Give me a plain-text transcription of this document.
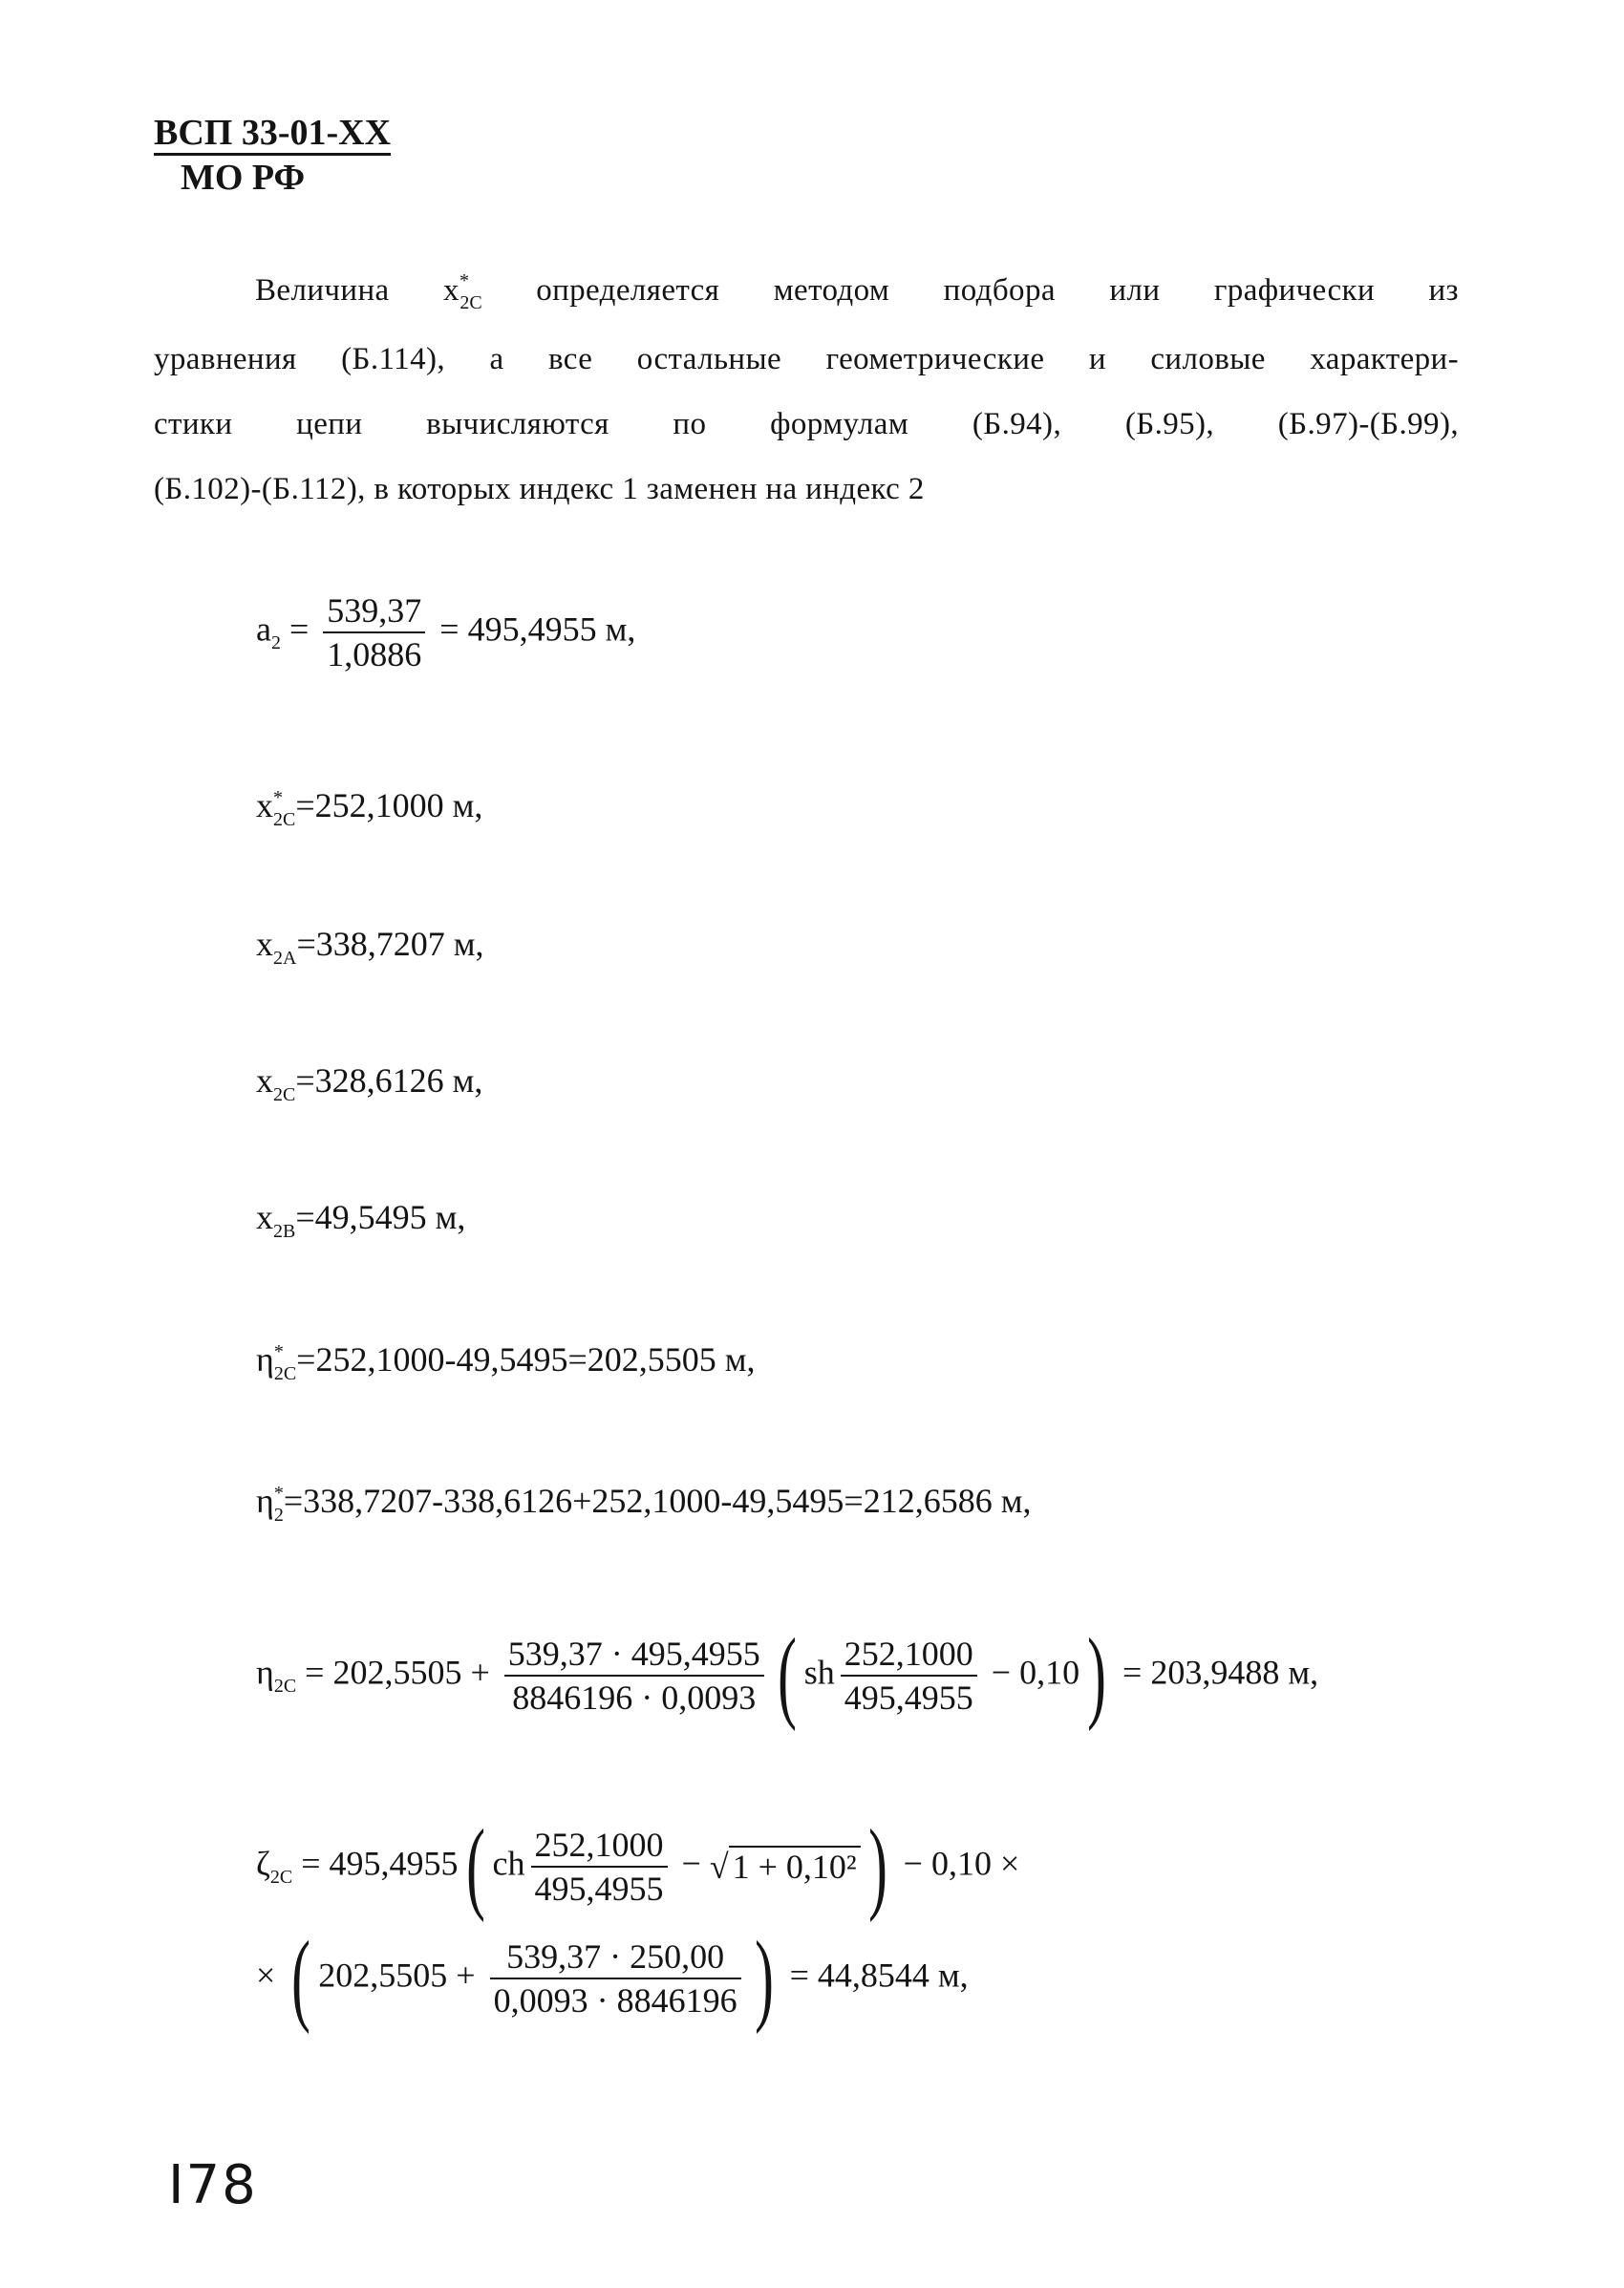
ВСП 33-01-ХХ
МО РФ
Величина $х^*_{2С}$ определяется методом подбора или графически из
уравнения (Б.114), а все остальные геометрические и силовые характери-
стики цепи вычисляются по формулам (Б.94), (Б.95), (Б.97)-(Б.99),
(Б.102)-(Б.112), в которых индекс 1 заменен на индекс 2
$a_2 = \frac{539,37}{1,0886} = 495,4955$ м,
$x^*_{2C}=252,1000$ м,
$x_{2A}=338,7207$ м,
$x_{2C}=328,6126$ м,
$x_{2B}=49,5495$ м,
$\eta^*_{2C}=252,1000-49,5495=202,5505$ м,
$\eta^*_2=338,7207-338,6126+252,1000-49,5495=212,6586$ м,
$\eta_{2C} = 202,5505 + \frac{539,37 \cdot 495,4955}{8846196 \cdot 0,0093}$ ( sh $\frac{252,1000}{495,4955} - 0,10) = 203,9488$ м,
$\zeta_{2C} = 495,4955$( ch $\frac{252,1000}{495,4955}$ − √ 1 + 0,10² ) − 0,10 ×
× ( $202,5505 + \frac{539,37 \cdot 250,00}{0,0093 \cdot 8846196}$ ) = 44,8544 м,
I78
